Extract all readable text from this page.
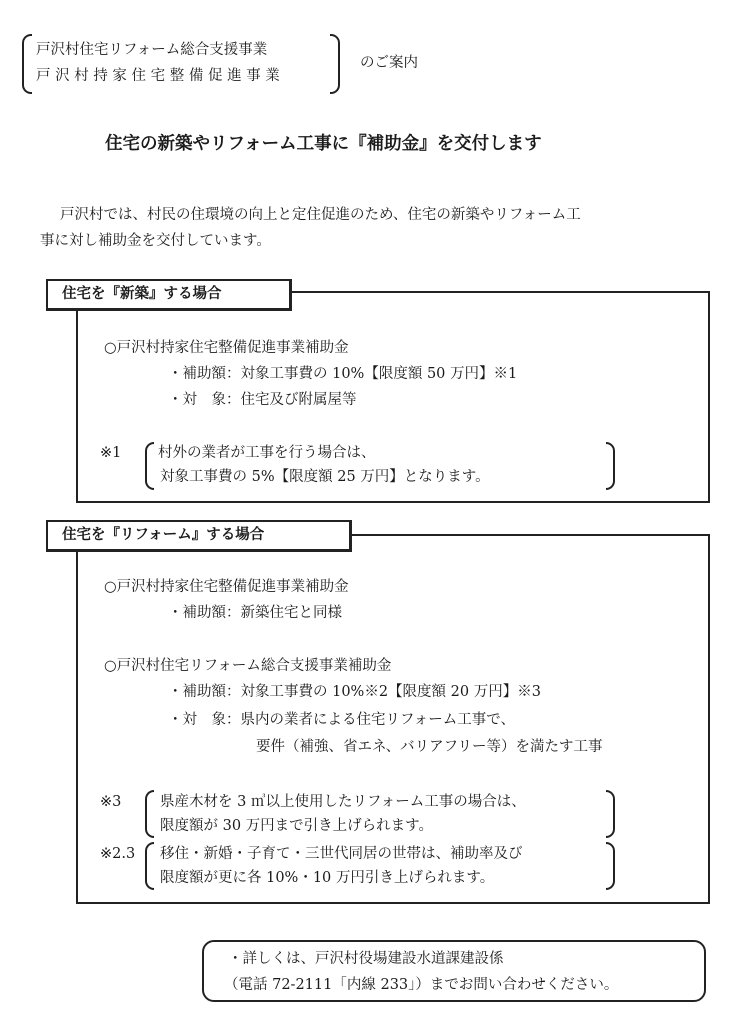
戸沢村住宅リフォーム総合支援事業
戸 沢 村 持 家 住 宅 整 備 促 進 事 業
のご案内
住宅の新築やリフォーム工事に『補助金』を交付します
戸沢村では、村民の住環境の向上と定住促進のため、住宅の新築やリフォーム工
事に対し補助金を交付しています。
住宅を『新築』する場合
○戸沢村持家住宅整備促進事業補助金
・補助額：対象工事費の 10%【限度額 50 万円】※1
・対　象：住宅及び附属屋等
※1	村外の業者が工事を行う場合は、
対象工事費の 5%【限度額 25 万円】となります。
住宅を『リフォーム』する場合
○戸沢村持家住宅整備促進事業補助金
・補助額：新築住宅と同様
○戸沢村住宅リフォーム総合支援事業補助金
・補助額：対象工事費の 10%※2【限度額 20 万円】※3
・対　象：県内の業者による住宅リフォーム工事で、
要件（補強、省エネ、バリアフリー等）を満たす工事
※3	県産木材を 3 ㎥以上使用したリフォーム工事の場合は、
限度額が 30 万円まで引き上げられます。
※2.3 移住・新婚・子育て・三世代同居の世帯は、補助率及び
限度額が更に各 10%・10 万円引き上げられます。
・詳しくは、戸沢村役場建設水道課建設係
（電話 72-2111「内線 233」）までお問い合わせください。
